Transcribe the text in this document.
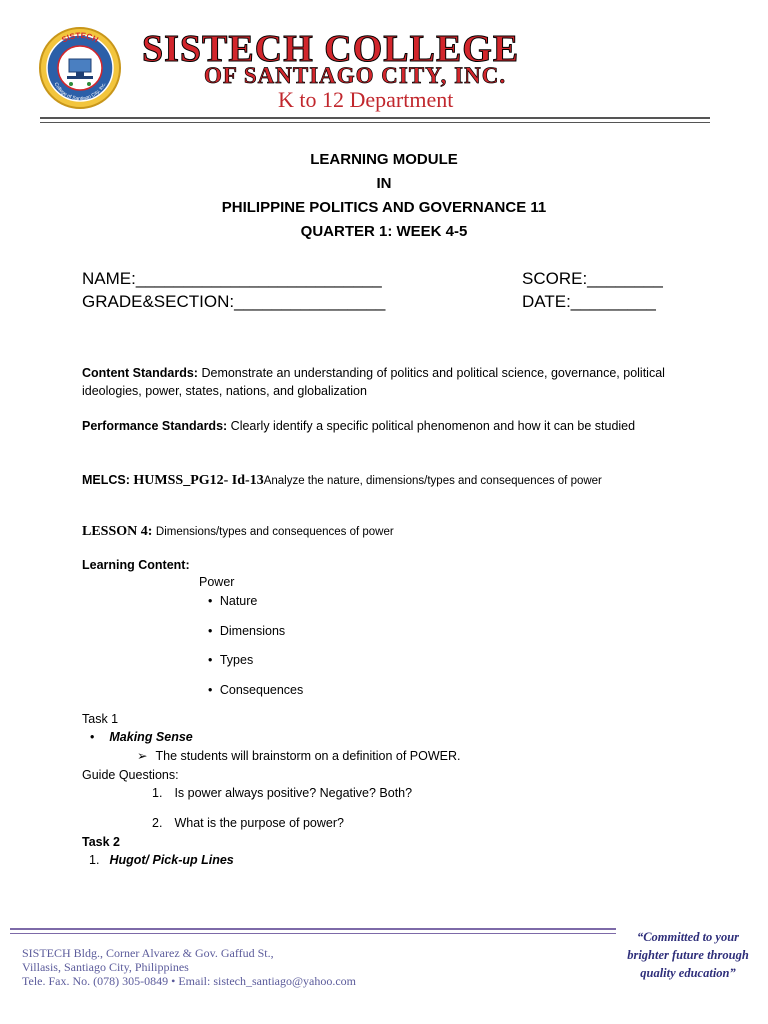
SISTECH
College of Santiago City, Inc.
SISTECH COLLEGE
OF SANTIAGO CITY, INC.
K to 12 Department
LEARNING MODULE
IN
PHILIPPINE POLITICS AND GOVERNANCE 11
QUARTER 1: WEEK 4-5
NAME:__________________________	SCORE:________
GRADE&SECTION:________________	DATE:_________
Content Standards: Demonstrate an understanding of politics and political science, governance, political ideologies, power, states, nations, and globalization
Performance Standards: Clearly identify a specific political phenomenon and how it can be studied
MELCS: HUMSS_PG12- Id-13Analyze the nature, dimensions/types and consequences of power
LESSON 4: Dimensions/types and consequences of power
Learning Content:
Power
• Nature
• Dimensions
• Types
• Consequences
Task 1
• Making Sense
➢ The students will brainstorm on a definition of POWER.
Guide Questions:
1. Is power always positive? Negative? Both?
2. What is the purpose of power?
Task 2
1. Hugot/ Pick-up Lines
SISTECH Bldg., Corner Alvarez & Gov. Gaffud St.,
Villasis, Santiago City, Philippines
Tele. Fax. No. (078) 305-0849 • Email: sistech_santiago@yahoo.com
“Committed to your
brighter future through
quality education”
